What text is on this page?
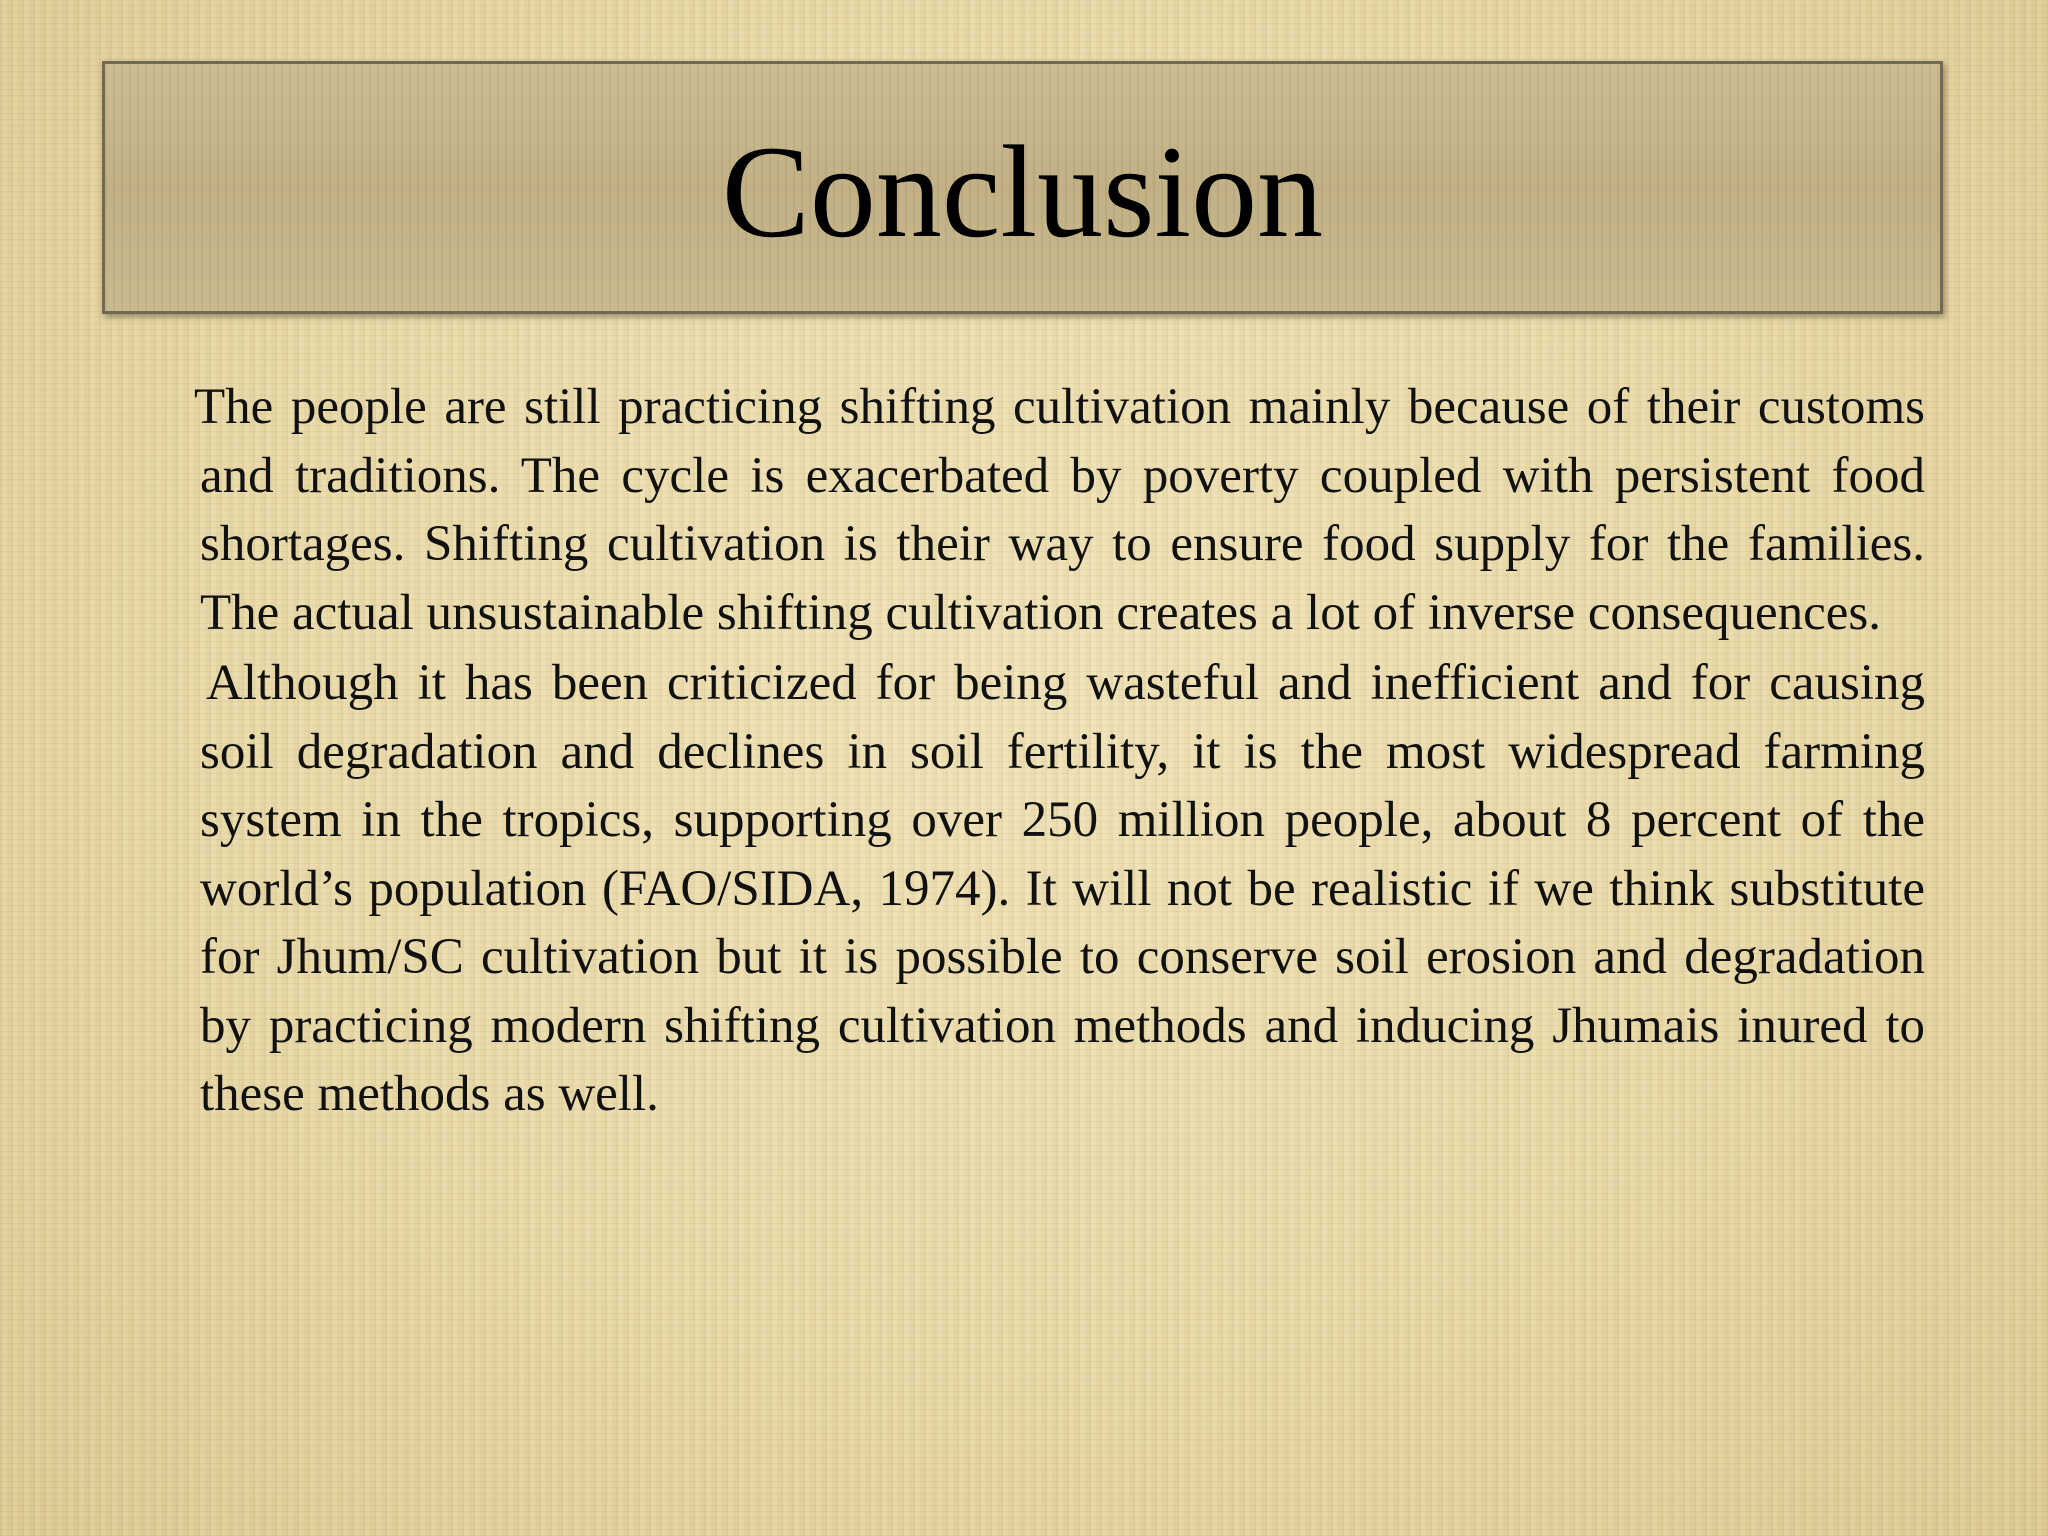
Conclusion

The people are still practicing shifting cultivation mainly because of their customs and traditions. The cycle is exacerbated by poverty coupled with persistent food shortages. Shifting cultivation is their way to ensure food supply for the families. The actual unsustainable shifting cultivation creates a lot of inverse consequences.

Although it has been criticized for being wasteful and inefficient and for causing soil degradation and declines in soil fertility, it is the most widespread farming system in the tropics, supporting over 250 million people, about 8 percent of the world’s population (FAO/SIDA, 1974). It will not be realistic if we think substitute for Jhum/SC cultivation but it is possible to conserve soil erosion and degradation by practicing modern shifting cultivation methods and inducing Jhumais inured to these methods as well.
